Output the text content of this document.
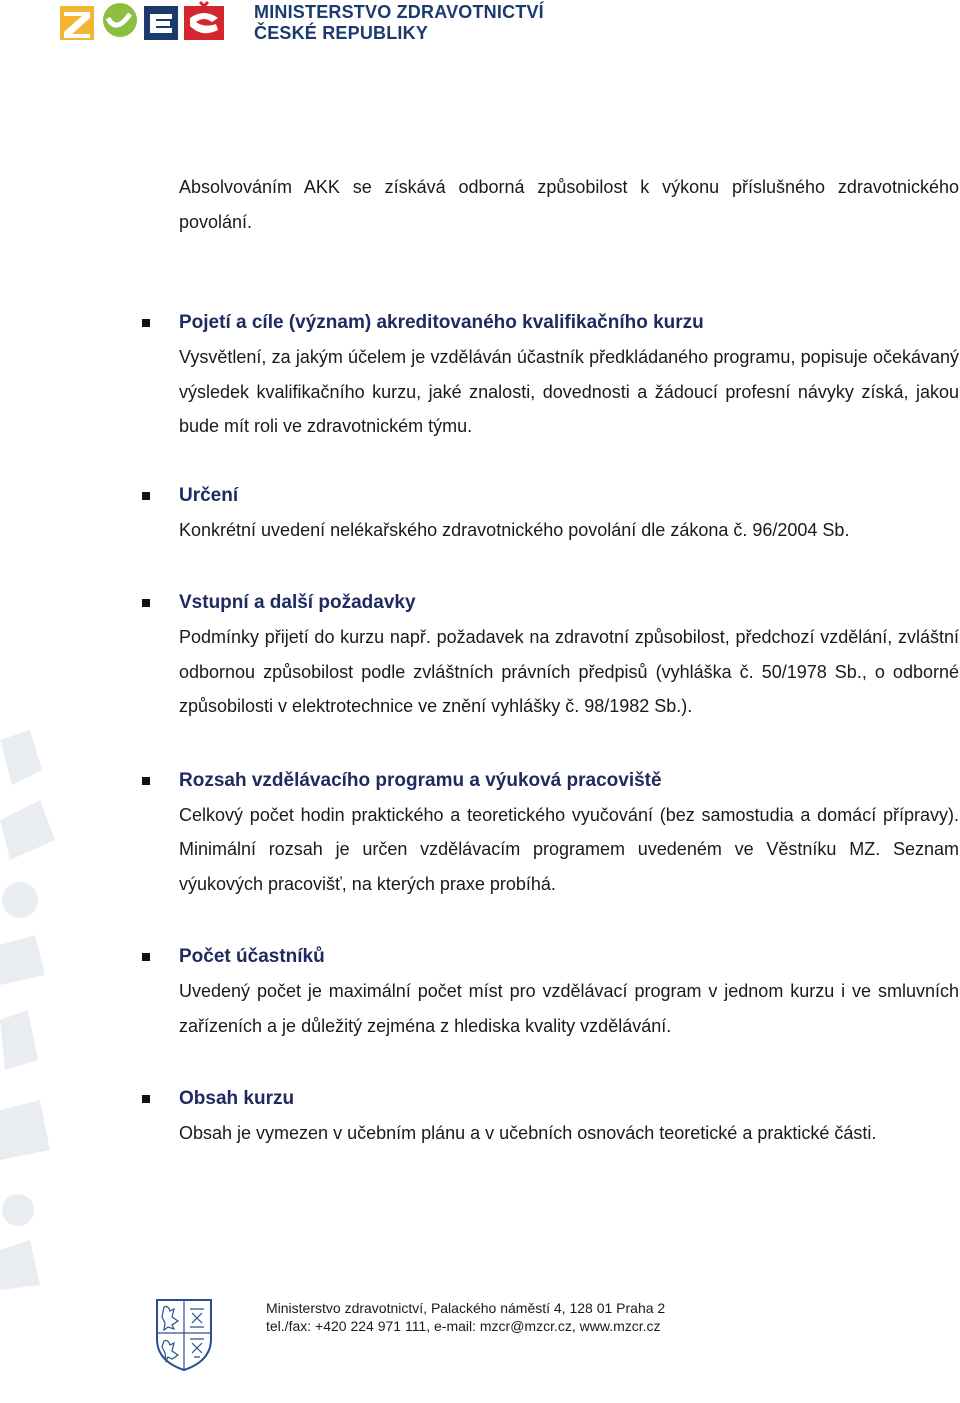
MINISTERSTVO ZDRAVOTNICTVÍ
ČESKÉ REPUBLIKY

Absolvováním AKK se získává odborná způsobilost k výkonu příslušného zdravotnického povolání.

Pojetí a cíle (význam) akreditovaného kvalifikačního kurzu

Vysvětlení, za jakým účelem je vzděláván účastník předkládaného programu, popisuje očekávaný výsledek kvalifikačního kurzu, jaké znalosti, dovednosti a žádoucí profesní návyky získá, jakou bude mít roli ve zdravotnickém týmu.

Určení

Konkrétní uvedení nelékařského zdravotnického povolání dle zákona č. 96/2004 Sb.

Vstupní a další požadavky

Podmínky přijetí do kurzu např. požadavek na zdravotní způsobilost, předchozí vzdělání, zvláštní odbornou způsobilost podle zvláštních právních předpisů (vyhláška č. 50/1978 Sb., o odborné způsobilosti v elektrotechnice ve znění vyhlášky č. 98/1982 Sb.).

Rozsah vzdělávacího programu a výuková pracoviště

Celkový počet hodin praktického a teoretického vyučování (bez samostudia a domácí přípravy). Minimální rozsah je určen vzdělávacím programem uvedeném ve Věstníku MZ. Seznam výukových pracovišť, na kterých praxe probíhá.

Počet účastníků

Uvedený počet je maximální počet míst pro vzdělávací program v jednom kurzu i ve smluvních zařízeních a je důležitý zejména z hlediska kvality vzdělávání.

Obsah kurzu

Obsah je vymezen v učebním plánu a v učebních osnovách teoretické a praktické části.

Ministerstvo zdravotnictví, Palackého náměstí 4, 128 01 Praha 2
tel./fax: +420 224 971 111, e-mail: mzcr@mzcr.cz, www.mzcr.cz
